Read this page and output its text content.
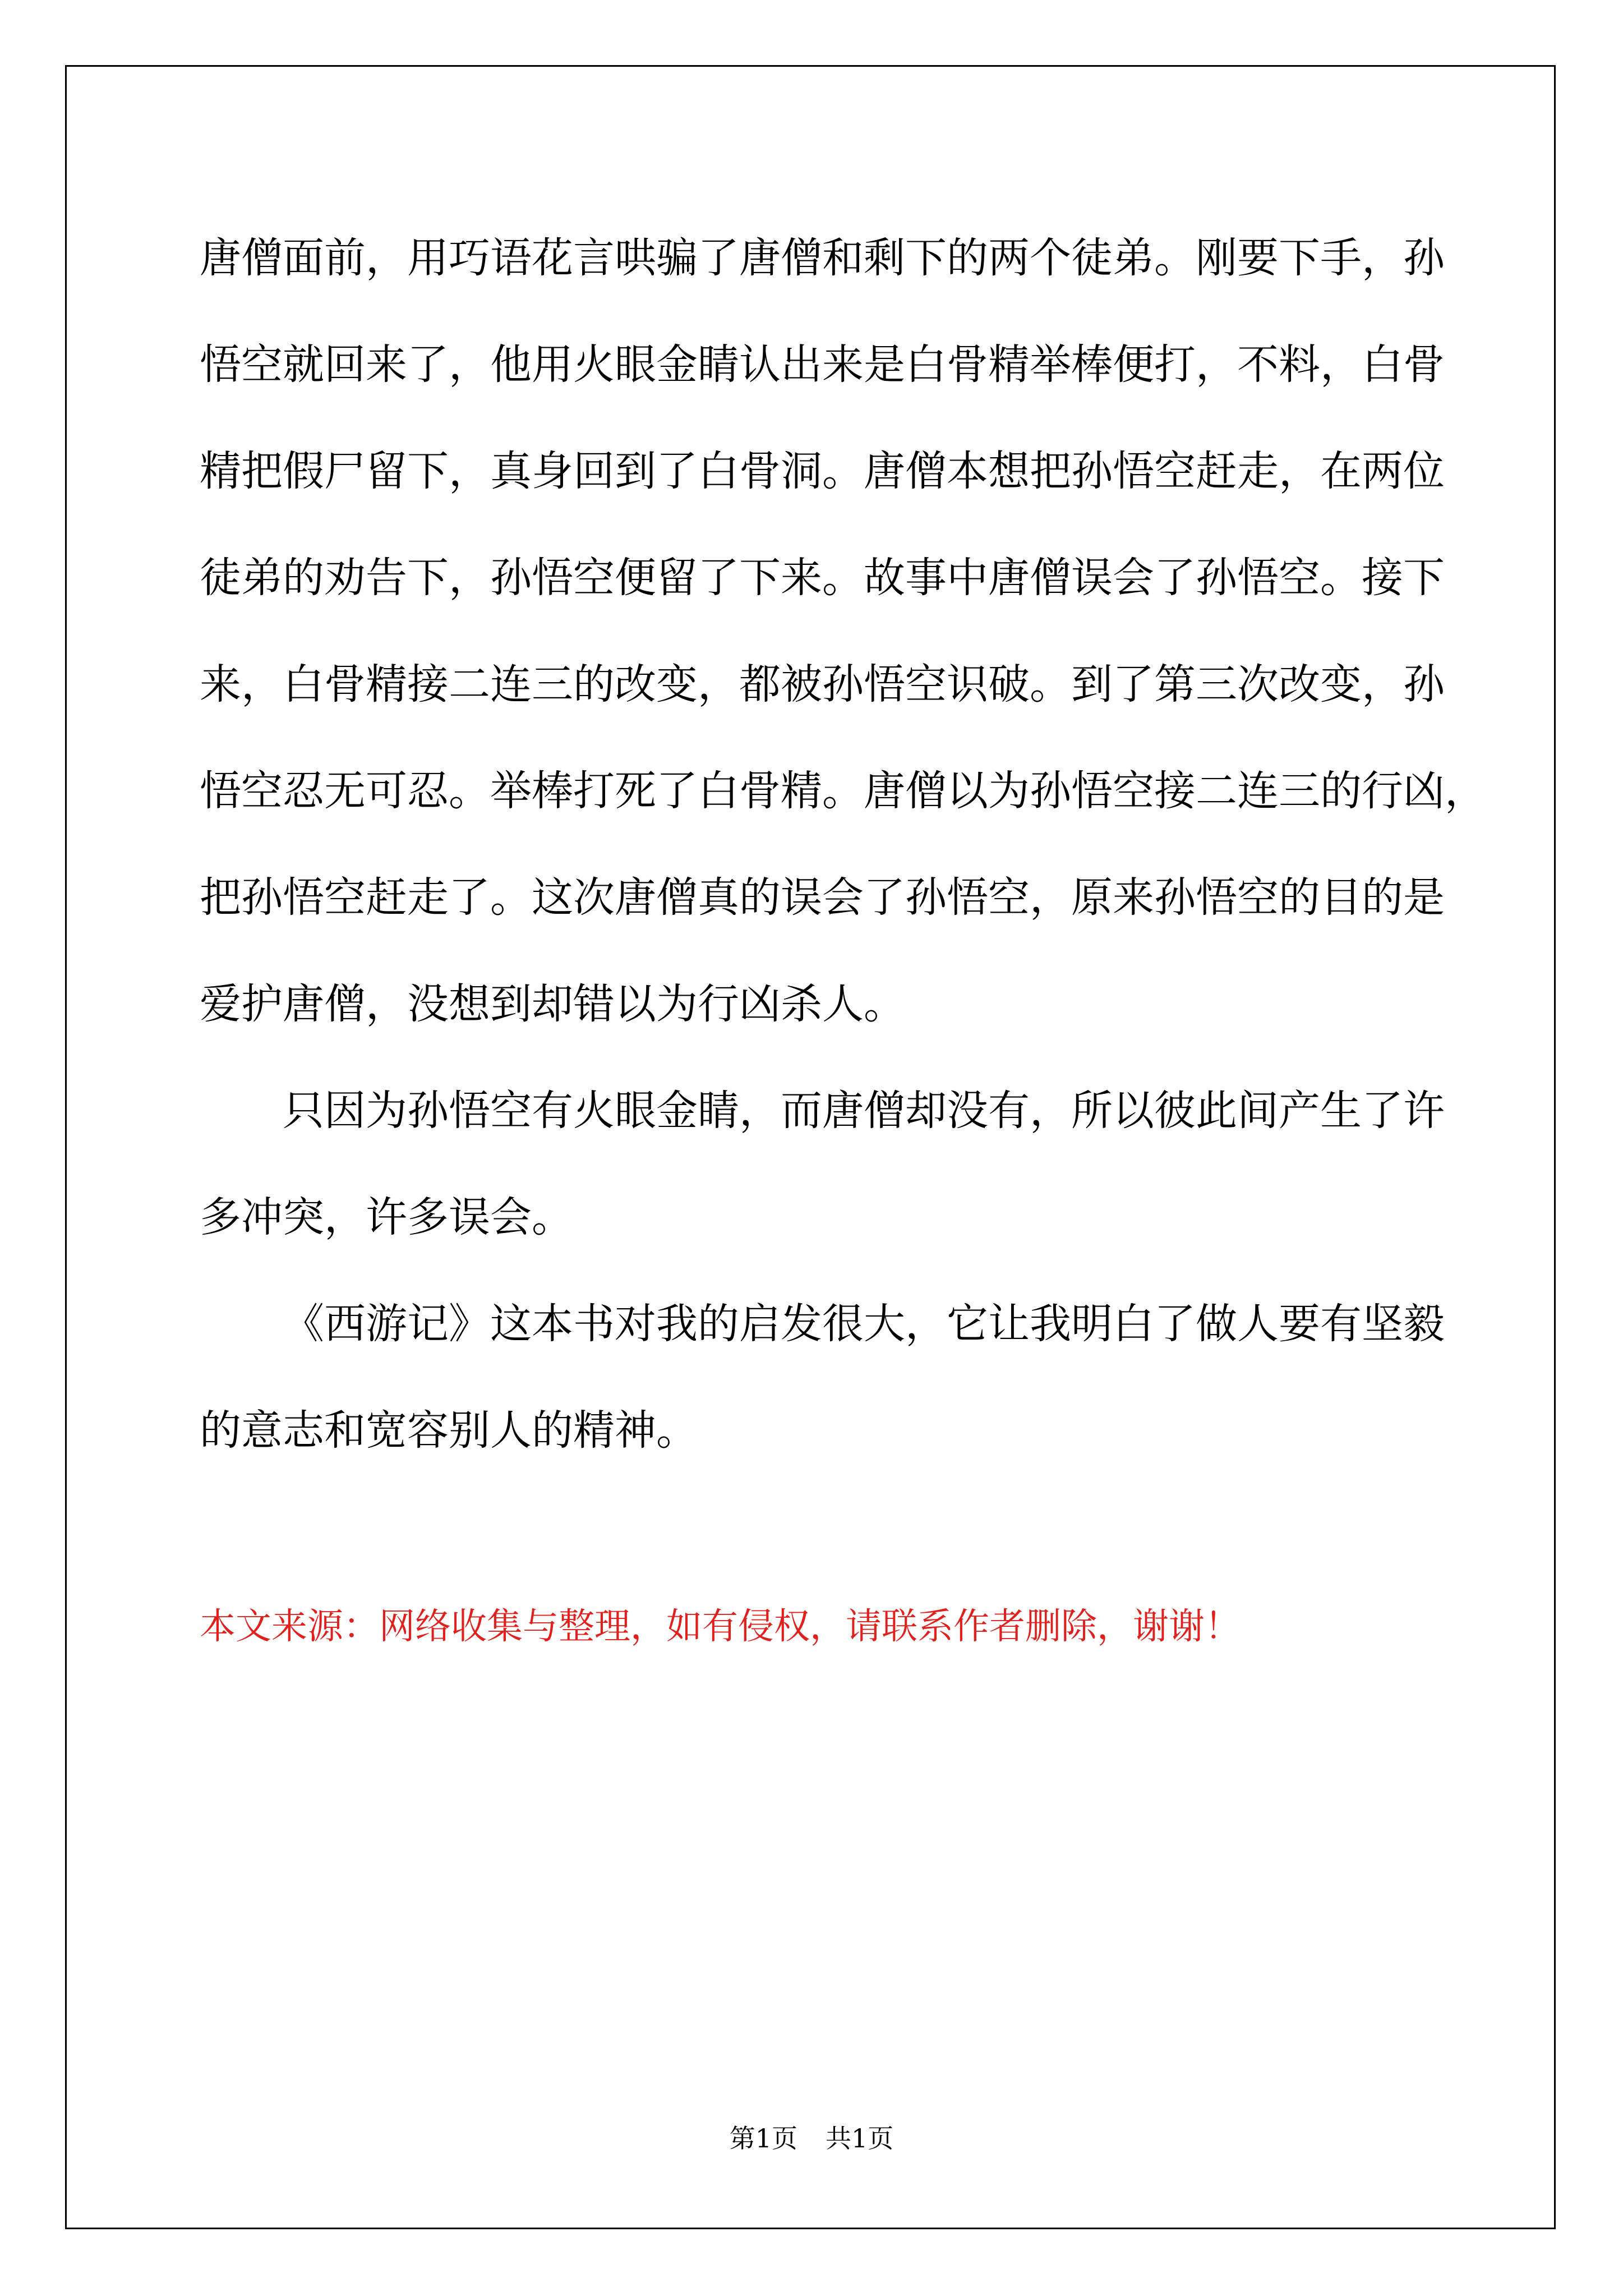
唐僧面前，用巧语花言哄骗了唐僧和剩下的两个徒弟。刚要下手，孙
悟空就回来了，他用火眼金睛认出来是白骨精举棒便打，不料，白骨
精把假尸留下，真身回到了白骨洞。唐僧本想把孙悟空赶走，在两位
徒弟的劝告下，孙悟空便留了下来。故事中唐僧误会了孙悟空。接下
来，白骨精接二连三的改变，都被孙悟空识破。到了第三次改变，孙
悟空忍无可忍。举棒打死了白骨精。唐僧以为孙悟空接二连三的行凶，
把孙悟空赶走了。这次唐僧真的误会了孙悟空，原来孙悟空的目的是
爱护唐僧，没想到却错以为行凶杀人。

只因为孙悟空有火眼金睛，而唐僧却没有，所以彼此间产生了许
多冲突，许多误会。

《西游记》这本书对我的启发很大，它让我明白了做人要有坚毅
的意志和宽容别人的精神。

本文来源：网络收集与整理，如有侵权，请联系作者删除，谢谢！
第1页 共1页
